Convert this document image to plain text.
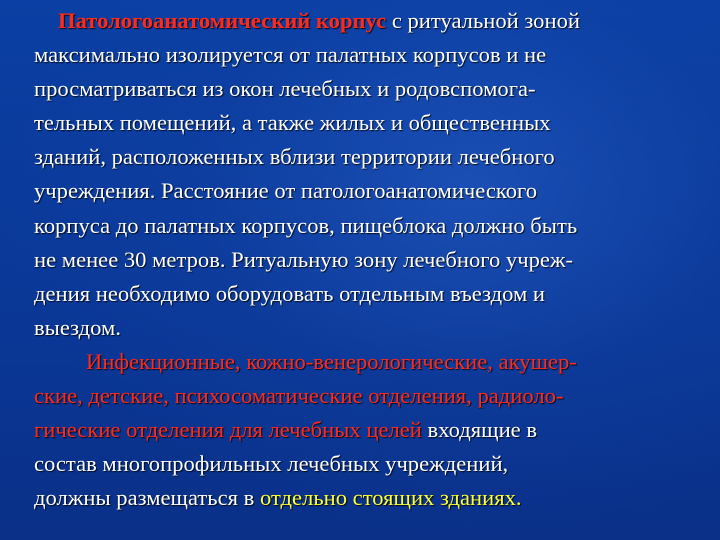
Патологоанатомический корпус с ритуальной зоной
максимально изолируется от палатных корпусов и не
просматриваться из окон лечебных и родовспомога-
тельных помещений, а также жилых и общественных
зданий, расположенных вблизи территории лечебного
учреждения. Расстояние от патологоанатомического
корпуса до палатных корпусов, пищеблока должно быть
не менее 30 метров. Ритуальную зону лечебного учреж-
дения необходимо оборудовать отдельным въездом и
выездом.

Инфекционные, кожно-венерологические, акушер-
ские, детские, психосоматические отделения, радиоло-
гические отделения для лечебных целей входящие в
состав многопрофильных лечебных учреждений,
должны размещаться в отдельно стоящих зданиях.
